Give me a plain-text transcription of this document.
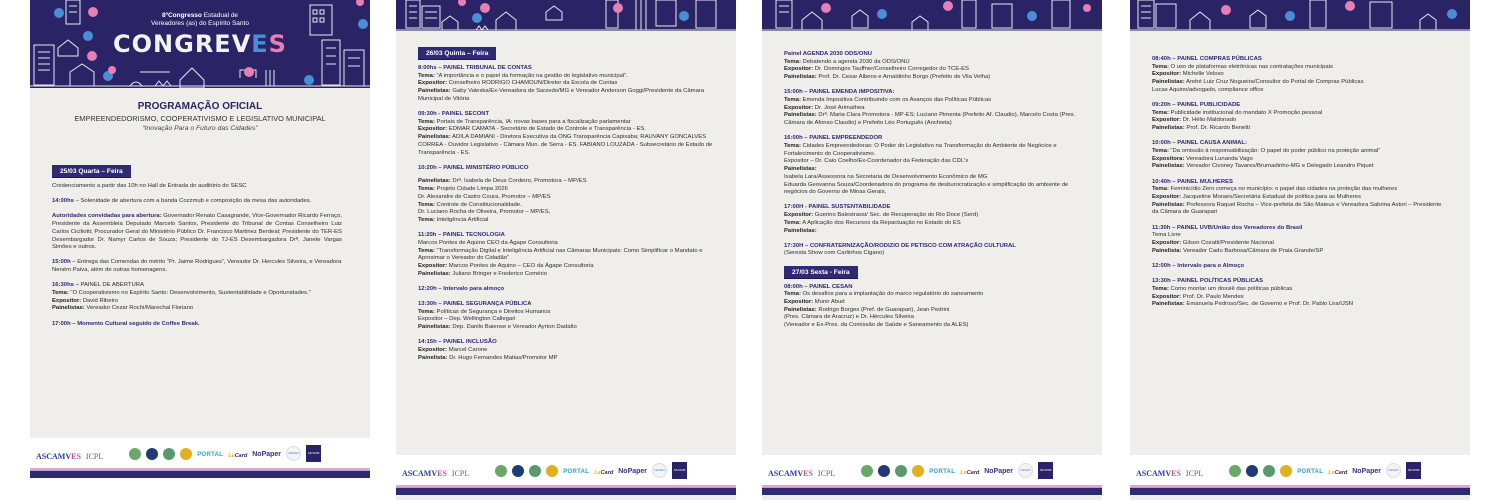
8ºCongresso Estadual de
Vereadores (as) do Espírito Santo
CONGREVES
PROGRAMAÇÃO OFICIAL
EMPREENDEDORISMO, COOPERATIVISMO E LEGISLATIVO MUNICIPAL
“Inovação Para o Futuro das Cidades”
25/03 Quarta – Feira
Credenciamento a partir das 10h no Hall de Entrada do auditório do SESC
14:00hs – Solenidade de abertura com a banda Cozzmub e composição da mesa das autoridades.
Autoridades convidadas para abertura: Governador Renato Casagrande, Vice-Governador Ricardo Ferraço, Presidente da Assembleia Deputado Marcelo Santos, Presidente do Tribunal de Contas Conselheiro Luiz Carlos Ciciliotti; Procurador Geral do Ministério Público Dr. Francisco Martinez Berdeal; Presidente do TER-ES Desembargador Dr. Namyr Carlos de Souza; Presidente do TJ-ES Desembargadora Drª. Janete Vargas Simões e outros.
15:00h – Entrega das Comendas do mérito “Pr. Jaime Rodrigues”, Vereador Dr. Hercules Silveira, e Vereadora Neném Paiva, além de outras homenagens.
16:30hs – PAINEL DE ABERTURA
Tema: “O Cooperativismo no Espírito Santo: Desenvolvimento, Sustentabilidade e Oportunidades.”
Expositor: David Ribeiro
Painelistas: Vereador Cezar Rochi/Marechal Floriano
17:00h – Momento Cultural seguido de Coffee Break.
ASCAMVES ICPL	PORTAL LeCard NoPaper	CESAN	SICOOB
26/03 Quinta – Feira
8:00hs – PAINEL TRIBUNAL DE CONTAS
Tema: “A importância e o papel da formação na gestão do legislativo municipal”.
Expositor: Conselheiro RODRIGO CHAMOUN/Diretor da Escola de Contas
Painelistas: Gaby Valeska/Ex-Vereadora de Sarzedo/MG e Vereador Anderson Goggi/Presidente da Câmara Municipal de Vitória
09:30h - PAINEL SECONT
Tema: Portais de Transparência, IA: novas bases para a fiscalização parlamentar
Expositor: EDMAR CAMATA - Secretário de Estado de Controle e Transparência - ES.
Painelistas: ADILA DAMIANI - Diretora Executiva da ONG Transparência Capixaba; RAUVANY GONCALVES CORREA - Ouvidor Legislativo - Câmara Mun. de Serra - ES. FABIANO LOUZADA - Subsecretário de Estado de Transparência - ES.
10:20h – PAINEL MINISTÉRIO PÚBLICO
Painelistas: Drª. Isabela de Deus Cordeiro, Promotora – MP/ES
Tema: Projeto Cidade Limpa 2026
Dr. Alexandre de Castro Coura, Promotor – MP/ES
Tema: Controle de Constitucionalidade.
Dr. Luciano Rocha de Oliveira, Promotor – MP/ES,
Tema: Inteligência Artificial
11:20h – PAINEL TECNOLOGIA
Marcos Pontes de Aquino CEO da Ágape Consultoria
Tema: “Transformação Digital e Inteligência Artificial nas Câmaras Municipais: Como Simplificar o Mandato e Aproximar o Vereador do Cidadão”
Expositor: Marcos Pontes de Aquino – CEO da Ágape Consultoria
Painelistas: Juliano Bringer e Frederico Comério
12:20h – Intervalo para almoço
13:30h – PAINEL SEGURANÇA PÚBLICA
Tema: Políticas de Segurança e Direitos Humanos
Expositor – Dep. Wellington Callegari
Painelistas: Dep. Danilo Baiense e Vereador Ayrton Dadalto
14:15h – PAINEL INCLUSÃO
Expositor: Marcel Carone
Painelista: Dr. Hugo Fernandes Matias/Promotor MP
ASCAMVES ICPL	PORTAL LeCard NoPaper	CESAN	SICOOB
Painel AGENDA 2030 ODS/ONU
Tema: Debatendo a agenda 2030 da ODS/ONU
Expositor: Dr. Domingos Tauffner/Conselheiro Corregedor do TCE-ES
Painelistas: Prof. Dr. Cesar Albens e Arnaldinho Borgo (Prefeito de Vila Velha)
15:00h – PAINEL EMENDA IMPOSITIVA:
Tema: Emenda Impositiva Contribuindo com os Avanços das Políticas Públicas
Expositor: Dr. José Arimathea
Painelistas: Drª. Maria Clara Promotora - MP-ES; Luciano Pimenta (Prefeito Af. Claudio), Marcelo Costa (Pres. Câmara de Afonso Claudio) e Prefeito Léo Português (Anchieta)
16:00h – PAINEL EMPREENDEDOR
Tema: Cidades Empreendedoras: O Poder do Legislativo na Transformação do Ambiente de Negócios e Fortalecimento do Cooperativismo.
Expositor – Dr. Caio Coelho/Ex-Coordenador da Federação das CDL's
Painelistas:
Isabela Lara/Assessora na Secretaria de Desenvolvimento Econômico de MG
Eduarda Geovanna Souza/Coordenadora do programa de desburocratização e simplificação do ambiente de negócios do Governo de Minas Gerais,
17:00H - PAINEL SUSTENTABILIDADE
Expositor: Guerino Balestrassi/ Sec. de Recuperação do Rio Doce (Serd)
Tema: A Aplicação dos Recursos da Repactuação no Estado do ES
Painelistas:
17:30H – CONFRATERNIZAÇÃO/RODIZIO DE PETISCO COM ATRAÇÃO CULTURAL
(Seresta Show com Carlinhos Cigano)
27/03 Sexta - Feira
08:00h – PAINEL CESAN
Tema: Os desafios para a implantação do marco regulatório do saneamento
Expositor: Munir Abud
Painelistas: Rodrigo Borges (Pref. de Guarapari), Jean Pedrini
(Pres. Câmara de Aracruz) e Dr. Hércules Silveira
(Vereador e Ex-Pres. da Comissão de Saúde e Saneamento da ALES)
ASCAMVES ICPL	PORTAL LeCard NoPaper	CESAN	SICOOB
08:40h – PAINEL COMPRAS PÚBLICAS
Tema: O uso de plataformas eletrônicas nas contratações municipais
Expositor: Michelle Veloso
Painelistas: André Luiz Cruz Nogueira/Consultor do Portal de Compras Públicas
Lucas Aquino/advogado, compliance office
09:20h – PAINEL PUBLICIDADE
Tema: Publicidade institucional do mandato X Promoção pessoal
Expositor: Dr. Hélio Maldonado
Painelistas: Prof. Dr. Ricardo Benetti
10:00h – PAINEL CAUSA ANIMAL:
Tema: “Da omissão à responsabilização: O papel do poder público na proteção animal”
Expositora: Vereadora Lunanda Vago
Painelistas: Vereador Civoney Tavares/Brumadinho-MG e Delegado Leandro Piquet
10:40h – PAINEL MULHERES
Tema: Feminicídio Zero começa no município: o papel das cidades na proteção das mulheres
Expositor: Jacqueline Moraes/Secretária Estadual de política para as Mulheres
Painelistas: Professora Raquel Rocha – Vice-prefeita de São Mateus e Vereadora Sabrina Astori – Presidente da Câmara de Guarapari
11:30h – PAINEL UVB/União dos Vereadores do Brasil
Tema Livre
Expositor: Gilson Cozatti/Presidente Nacional
Painelista: Vereador Cadu Barbosa/Câmara de Praia Grande/SP
12:00h – Intervalo para o Almoço
13:30h – PAINEL POLÍTICAS PÚBLICAS
Tema: Como montar um dossiê das políticas públicas
Expositor: Prof. Dr. Paulo Mendes
Painelistas: Emanuela Pedroso/Sec. de Governo e Prof. Dr. Pablo Lira/IJSN
ASCAMVES ICPL	PORTAL LeCard NoPaper	CESAN	SICOOB
